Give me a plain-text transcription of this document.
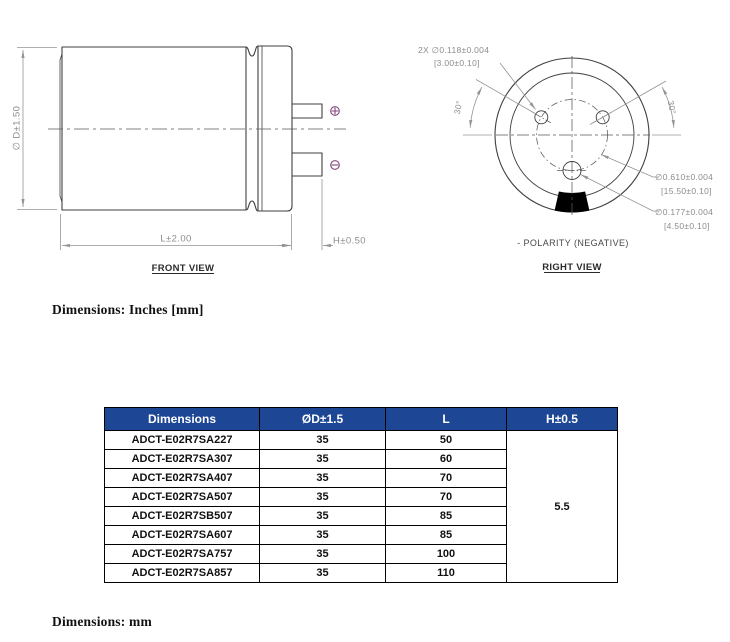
∅ D±1.50
L±2.00	H±0.50
FRONT VIEW
2X ∅0.118±0.004
[3.00±0.10]
∅0.610±0.004
[15.50±0.10]
∅0.177±0.004
[4.50±0.10]
30°	30°
- POLARITY (NEGATIVE)
RIGHT VIEW
Dimensions: Inches [mm]
Dimensions	ØD±1.5	L	H±0.5
ADCT-E02R7SA227	35	50	5.5
ADCT-E02R7SA307	35	60	
ADCT-E02R7SA407	35	70	
ADCT-E02R7SA507	35	70	
ADCT-E02R7SB507	35	85	
ADCT-E02R7SA607	35	85	
ADCT-E02R7SA757	35	100	
ADCT-E02R7SA857	35	110	
Dimensions: mm
